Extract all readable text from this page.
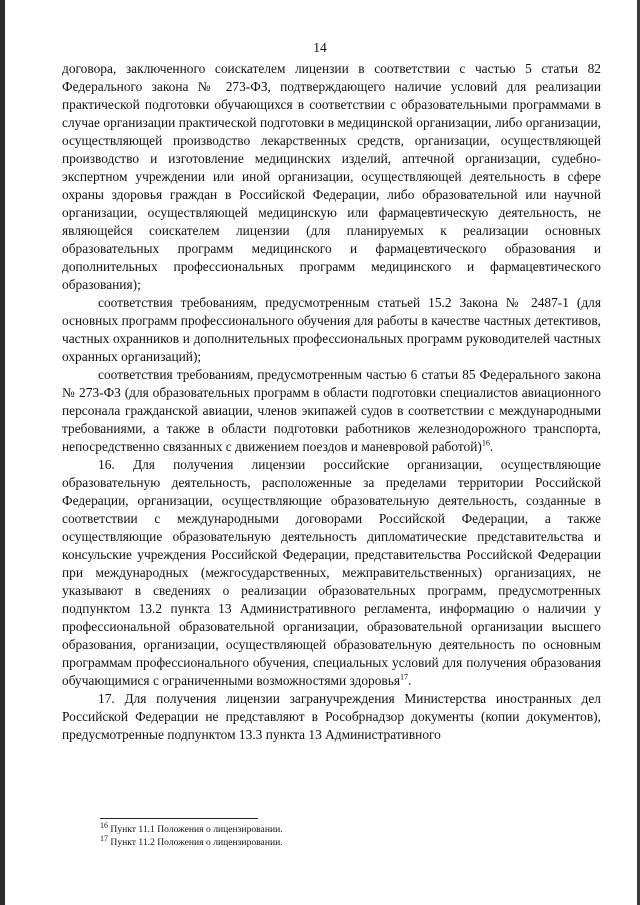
14

договора, заключенного соискателем лицензии в соответствии с частью 5 статьи 82 Федерального закона № 273-ФЗ, подтверждающего наличие условий для реализации практической подготовки обучающихся в соответствии с образовательными программами в случае организации практической подготовки в медицинской организации, либо организации, осуществляющей производство лекарственных средств, организации, осуществляющей производство и изготовление медицинских изделий, аптечной организации, судебно-экспертном учреждении или иной организации, осуществляющей деятельность в сфере охраны здоровья граждан в Российской Федерации, либо образовательной или научной организации, осуществляющей медицинскую или фармацевтическую деятельность, не являющейся соискателем лицензии (для планируемых к реализации основных образовательных программ медицинского и фармацевтического образования и дополнительных профессиональных программ медицинского и фармацевтического образования);

соответствия требованиям, предусмотренным статьей 15.2 Закона № 2487-1 (для основных программ профессионального обучения для работы в качестве частных детективов, частных охранников и дополнительных профессиональных программ руководителей частных охранных организаций);

соответствия требованиям, предусмотренным частью 6 статьи 85 Федерального закона № 273-ФЗ (для образовательных программ в области подготовки специалистов авиационного персонала гражданской авиации, членов экипажей судов в соответствии с международными требованиями, а также в области подготовки работников железнодорожного транспорта, непосредственно связанных с движением поездов и маневровой работой)$^{16}$.

16. Для получения лицензии российские организации, осуществляющие образовательную деятельность, расположенные за пределами территории Российской Федерации, организации, осуществляющие образовательную деятельность, созданные в соответствии с международными договорами Российской Федерации, а также осуществляющие образовательную деятельность дипломатические представительства и консульские учреждения Российской Федерации, представительства Российской Федерации при международных (межгосударственных, межправительственных) организациях, не указывают в сведениях о реализации образовательных программ, предусмотренных подпунктом 13.2 пункта 13 Административного регламента, информацию о наличии у профессиональной образовательной организации, образовательной организации высшего образования, организации, осуществляющей образовательную деятельность по основным программам профессионального обучения, специальных условий для получения образования обучающимися с ограниченными возможностями здоровья$^{17}$.

17. Для получения лицензии загранучреждения Министерства иностранных дел Российской Федерации не представляют в Рособрнадзор документы (копии документов), предусмотренные подпунктом 13.3 пункта 13 Административного

$^{16}$ Пункт 11.1 Положения о лицензировании.

$^{17}$ Пункт 11.2 Положения о лицензировании.
